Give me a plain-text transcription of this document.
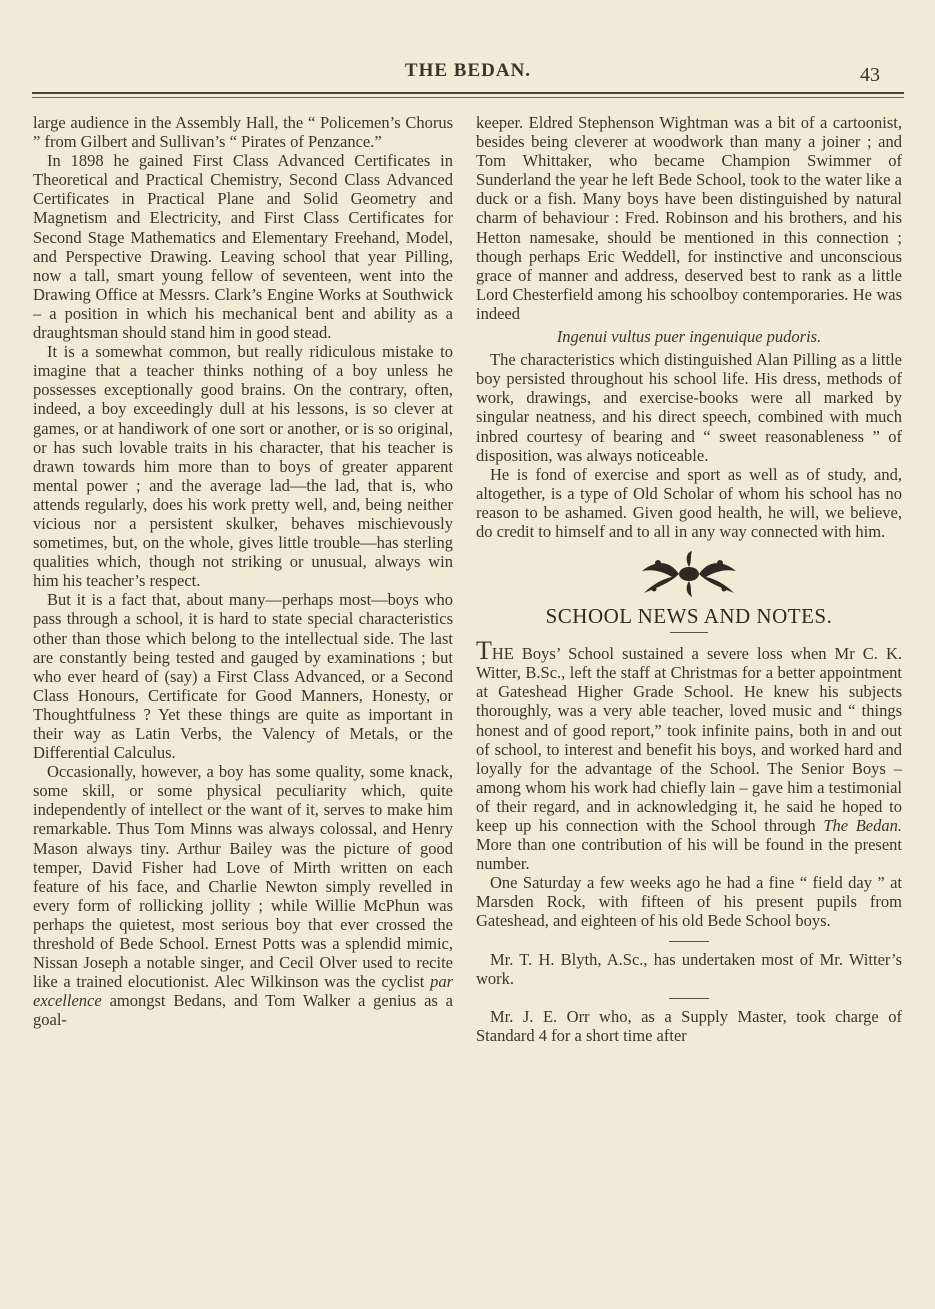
THE BEDAN.	43

large audience in the Assembly Hall, the “ Policemen’s Chorus ” from Gilbert and Sullivan’s “ Pirates of Penzance.”

In 1898 he gained First Class Advanced Certificates in Theoretical and Practical Chemistry, Second Class Advanced Certificates in Practical Plane and Solid Geometry and Magnetism and Electricity, and First Class Certificates for Second Stage Mathematics and Elementary Freehand, Model, and Perspective Drawing. Leaving school that year Pilling, now a tall, smart young fellow of seventeen, went into the Drawing Office at Messrs. Clark’s Engine Works at Southwick – a position in which his mechanical bent and ability as a draughtsman should stand him in good stead.

It is a somewhat common, but really ridiculous mistake to imagine that a teacher thinks nothing of a boy unless he possesses exceptionally good brains. On the contrary, often, indeed, a boy exceedingly dull at his lessons, is so clever at games, or at handiwork of one sort or another, or is so original, or has such lovable traits in his character, that his teacher is drawn towards him more than to boys of greater apparent mental power ; and the average lad—the lad, that is, who attends regularly, does his work pretty well, and, being neither vicious nor a persistent skulker, behaves mischievously sometimes, but, on the whole, gives little trouble—has sterling qualities which, though not striking or unusual, always win him his teacher’s respect.

But it is a fact that, about many—perhaps most—boys who pass through a school, it is hard to state special characteristics other than those which belong to the intellectual side. The last are constantly being tested and gauged by examinations ; but who ever heard of (say) a First Class Advanced, or a Second Class Honours, Certificate for Good Manners, Honesty, or Thoughtfulness ? Yet these things are quite as important in their way as Latin Verbs, the Valency of Metals, or the Differential Calculus.

Occasionally, however, a boy has some quality, some knack, some skill, or some physical peculiarity which, quite independently of intellect or the want of it, serves to make him remarkable. Thus Tom Minns was always colossal, and Henry Mason always tiny. Arthur Bailey was the picture of good temper, David Fisher had Love of Mirth written on each feature of his face, and Charlie Newton simply revelled in every form of rollicking jollity ; while Willie McPhun was perhaps the quietest, most serious boy that ever crossed the threshold of Bede School. Ernest Potts was a splendid mimic, Nissan Joseph a notable singer, and Cecil Olver used to recite like a trained elocutionist. Alec Wilkinson was the cyclist par excellence amongst Bedans, and Tom Walker a genius as a goal-

keeper. Eldred Stephenson Wightman was a bit of a cartoonist, besides being cleverer at woodwork than many a joiner ; and Tom Whittaker, who became Champion Swimmer of Sunderland the year he left Bede School, took to the water like a duck or a fish. Many boys have been distinguished by natural charm of behaviour : Fred. Robinson and his brothers, and his Hetton namesake, should be mentioned in this connection ; though perhaps Eric Weddell, for instinctive and unconscious grace of manner and address, deserved best to rank as a little Lord Chesterfield among his schoolboy contemporaries. He was indeed

Ingenui vultus puer ingenuique pudoris.

The characteristics which distinguished Alan Pilling as a little boy persisted throughout his school life. His dress, methods of work, drawings, and exercise-books were all marked by singular neatness, and his direct speech, combined with much inbred courtesy of bearing and “ sweet reasonableness ” of disposition, was always noticeable.

He is fond of exercise and sport as well as of study, and, altogether, is a type of Old Scholar of whom his school has no reason to be ashamed. Given good health, he will, we believe, do credit to himself and to all in any way connected with him.

SCHOOL NEWS AND NOTES.

THE Boys’ School sustained a severe loss when Mr C. K. Witter, B.Sc., left the staff at Christmas for a better appointment at Gateshead Higher Grade School. He knew his subjects thoroughly, was a very able teacher, loved music and “ things honest and of good report,” took infinite pains, both in and out of school, to interest and benefit his boys, and worked hard and loyally for the advantage of the School. The Senior Boys – among whom his work had chiefly lain – gave him a testimonial of their regard, and in acknowledging it, he said he hoped to keep up his connection with the School through The Bedan. More than one contribution of his will be found in the present number.

One Saturday a few weeks ago he had a fine “ field day ” at Marsden Rock, with fifteen of his present pupils from Gateshead, and eighteen of his old Bede School boys.

Mr. T. H. Blyth, A.Sc., has undertaken most of Mr. Witter’s work.

Mr. J. E. Orr who, as a Supply Master, took charge of Standard 4 for a short time after
